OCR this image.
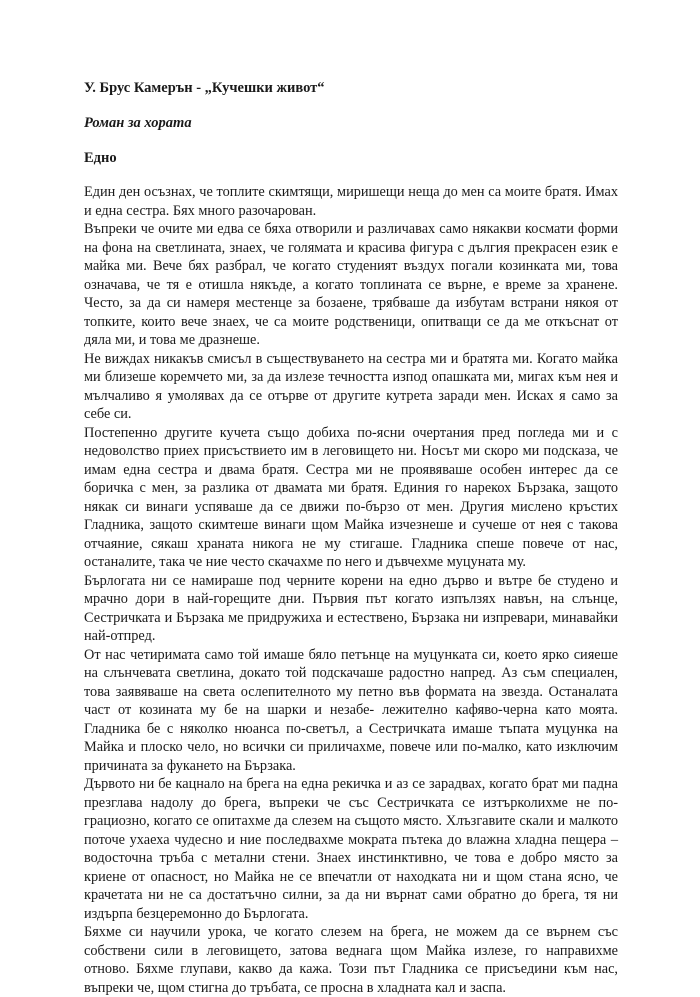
У. Брус Камерън - „Кучешки живот“
Роман за хората
Едно

Един ден осъзнах, че топлите скимтящи, миришещи неща до мен са моите братя. Имах и една сестра. Бях много разочарован.

Въпреки че очите ми едва се бяха отворили и различавах само някакви космати форми на фона на светлината, знаех, че голямата и красива фигура с дългия прекрасен език е майка ми. Вече бях разбрал, че когато студеният въздух погали козинката ми, това означава, че тя е отишла някъде, а когато топлината се върне, е време за хранене. Често, за да си намеря местенце за бозаене, трябваше да избутам встрани някоя от топките, които вече знаех, че са моите родственици, опитващи се да ме откъснат от дяла ми, и това ме дразнеше.

Не виждах никакъв смисъл в съществуването на сестра ми и братята ми. Когато майка ми близеше коремчето ми, за да излезе течността изпод опашката ми, мигах към нея и мълчаливо я умолявах да се отърве от другите кутрета заради мен. Исках я само за себе си.

Постепенно другите кучета също добиха по-ясни очертания пред погледа ми и с недоволство приех присъствието им в леговището ни. Носът ми скоро ми подсказа, че имам една сестра и двама братя. Сестра ми не проявяваше особен интерес да се боричка с мен, за разлика от двамата ми братя. Единия го нарекох Бързака, защото някак си винаги успяваше да се движи по-бързо от мен. Другия мислено кръстих Гладника, защото скимтеше винаги щом Майка изчезнеше и сучеше от нея с такова отчаяние, сякаш храната никога не му стигаше. Гладника спеше повече от нас, останалите, така че ние често скачахме по него и дъвчехме муцуната му.

Бърлогата ни се намираше под черните корени на едно дърво и вътре бе студено и мрачно дори в най-горещите дни. Първия път когато изпълзях навън, на слънце, Сестричката и Бързака ме придружиха и естествено, Бързака ни изпревари, минавайки най-отпред.

От нас четиримата само той имаше бяло петънце на муцунката си, което ярко сияеше на слънчевата светлина, докато той подскачаше радостно напред. Аз съм специален, това заявяваше на света ослепителното му петно във формата на звезда. Останалата част от козината му бе на шарки и незабе- лежително кафяво-черна като моята. Гладника бе с няколко нюанса по-светъл, а Сестричката имаше тъпата муцунка на Майка и плоско чело, но всички си приличахме, повече или по-малко, като изключим причината за фукането на Бързака.

Дървото ни бе кацнало на брега на една рекичка и аз се зарадвах, когато брат ми падна презглава надолу до брега, въпреки че със Сестричката се изтърколихме не по-грациозно, когато се опитахме да слезем на същото място. Хлъзгавите скали и малкото поточе ухаеха чудесно и ние последвахме мократа пътека до влажна хладна пещера – водосточна тръба с метални стени. Знаех инстинктивно, че това е добро място за криене от опасност, но Майка не се впечатли от находката ни и щом стана ясно, че крачетата ни не са достатъчно силни, за да ни върнат сами обратно до брега, тя ни издърпа безцеремонно до Бърлогата.

Бяхме си научили урока, че когато слезем на брега, не можем да се върнем със собствени сили в леговището, затова веднага щом Майка излезе, го направихме отново. Бяхме глупави, какво да кажа. Този път Гладника се присъедини към нас, въпреки че, щом стигна до тръбата, се просна в хладната кал и заспа.
